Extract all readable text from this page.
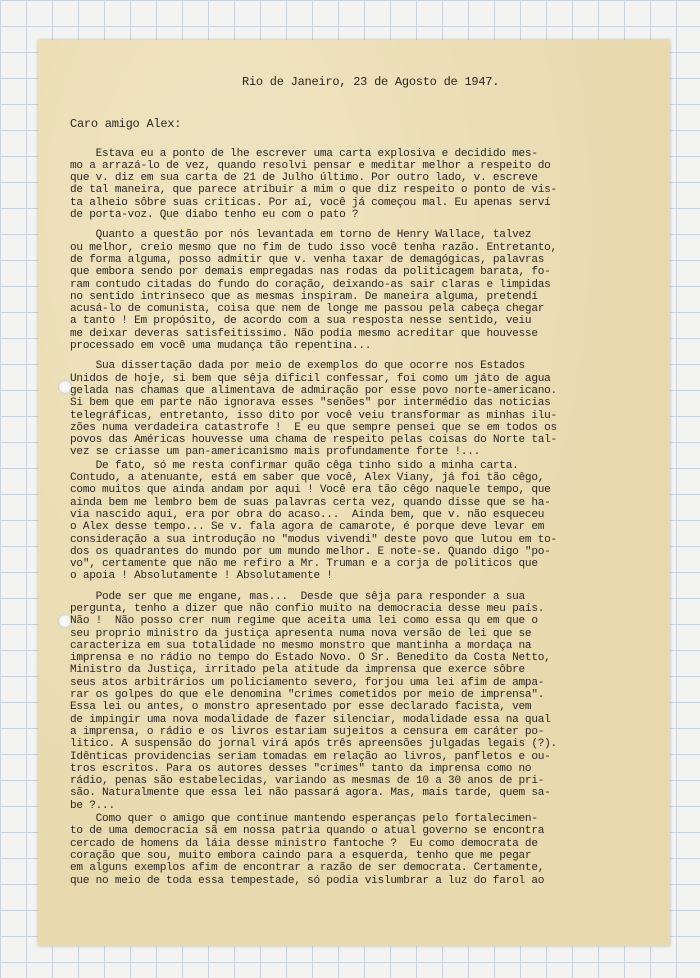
Rio de Janeiro, 23 de Agosto de 1947.
Caro amigo Alex:
Estava eu a ponto de lhe escrever uma carta explosiva e decidido mes-
mo a arrazá-lo de vez, quando resolvi pensar e meditar melhor a respeito do
que v. diz em sua carta de 21 de Julho último. Por outro lado, v. escreve
de tal maneira, que parece atribuir a mim o que diz respeito o ponto de vis-
ta alheio sôbre suas criticas. Por aí, você já começou mal. Eu apenas serví
de porta-voz. Que diabo tenho eu com o pato ?
Quanto a questão por nós levantada em torno de Henry Wallace, talvez
ou melhor, creio mesmo que no fim de tudo isso você tenha razão. Entretanto,
de forma alguma, posso admitir que v. venha taxar de demagógicas, palavras
que embora sendo por demais empregadas nas rodas da politicagem barata, fo-
ram contudo citadas do fundo do coração, deixando-as sair claras e limpidas
no sentido intrinseco que as mesmas inspiram. De maneira alguma, pretendí
acusá-lo de comunista, coisa que nem de longe me passou pela cabeça chegar
a tanto ! Em propósito, de acordo com a sua resposta nesse sentido, veiu
me deixar deveras satisfeitissimo. Não podia mesmo acreditar que houvesse
processado em você uma mudança tão repentina...
Sua dissertação dada por meio de exemplos do que ocorre nos Estados
Unidos de hoje, si bem que sêja dificil confessar, foi como um játo de agua
gelada nas chamas que alimentava de admiração por esse povo norte-americano.
Si bem que em parte não ignorava esses "senões" por intermédio das noticias
telegráficas, entretanto, isso dito por você veiu transformar as minhas ilu-
zões numa verdadeira catastrofe !  E eu que sempre pensei que se em todos os
povos das Américas houvesse uma chama de respeito pelas coisas do Norte tal-
vez se criasse um pan-americanismo mais profundamente forte !...
De fato, só me resta confirmar quão cêga tinho sido a minha carta.
Contudo, a atenuante, está em saber que você, Alex Viany, já foi tão cêgo,
como muitos que ainda andam por aqui ! Você era tão cêgo naquele tempo, que
ainda bem me lembro bem de suas palavras certa vez, quando disse que se ha-
via nascido aqui, era por obra do acaso...  Ainda bem, que v. não esqueceu
o Alex desse tempo... Se v. fala agora de camarote, é porque deve levar em
consideração a sua introdução no "modus vivendi" deste povo que lutou em to-
dos os quadrantes do mundo por um mundo melhor. E note-se. Quando digo "po-
vo", certamente que não me refiro a Mr. Truman e a corja de politicos que
o apoia ! Absolutamente ! Absolutamente !
Pode ser que me engane, mas...  Desde que sêja para responder a sua
pergunta, tenho a dizer que não confio muito na democracia desse meu país.
Não !  Não posso crer num regime que aceita uma lei como essa qu em que o
seu proprio ministro da justiça apresenta numa nova versão de lei que se
caracteriza em sua totalidade no mesmo monstro que mantinha a mordaça na
imprensa e no rádio no tempo do Estado Novo. O Sr. Benedito da Costa Netto,
Ministro da Justiça, irritado pela atitude da imprensa que exerce sôbre
seus atos arbitrários um policiamento severo, forjou uma lei afim de ampa-
rar os golpes do que ele denomina "crimes cometidos por meio de imprensa".
Essa lei ou antes, o monstro apresentado por esse declarado facista, vem
de impingir uma nova modalidade de fazer silenciar, modalidade essa na qual
a imprensa, o rádio e os livros estariam sujeitos a censura em caráter po-
litico. A suspensão do jornal virá após três apreensões julgadas legais (?).
Idênticas providencias seriam tomadas em relação ao livros, panfletos e ou-
tros escritos. Para os autores desses "crimes" tanto da imprensa como no
rádio, penas são estabelecidas, variando as mesmas de 10 a 30 anos de pri-
são. Naturalmente que essa lei não passará agora. Mas, mais tarde, quem sa-
be ?...
Como quer o amigo que continue mantendo esperanças pelo fortalecimen-
to de uma democracia sã em nossa patria quando o atual governo se encontra
cercado de homens da láia desse ministro fantoche ?  Eu como democrata de
coração que sou, muito embora caindo para a esquerda, tenho que me pegar
em alguns exemplos afim de encontrar a razão de ser democrata. Certamente,
que no meio de toda essa tempestade, só podia vislumbrar a luz do farol ao
